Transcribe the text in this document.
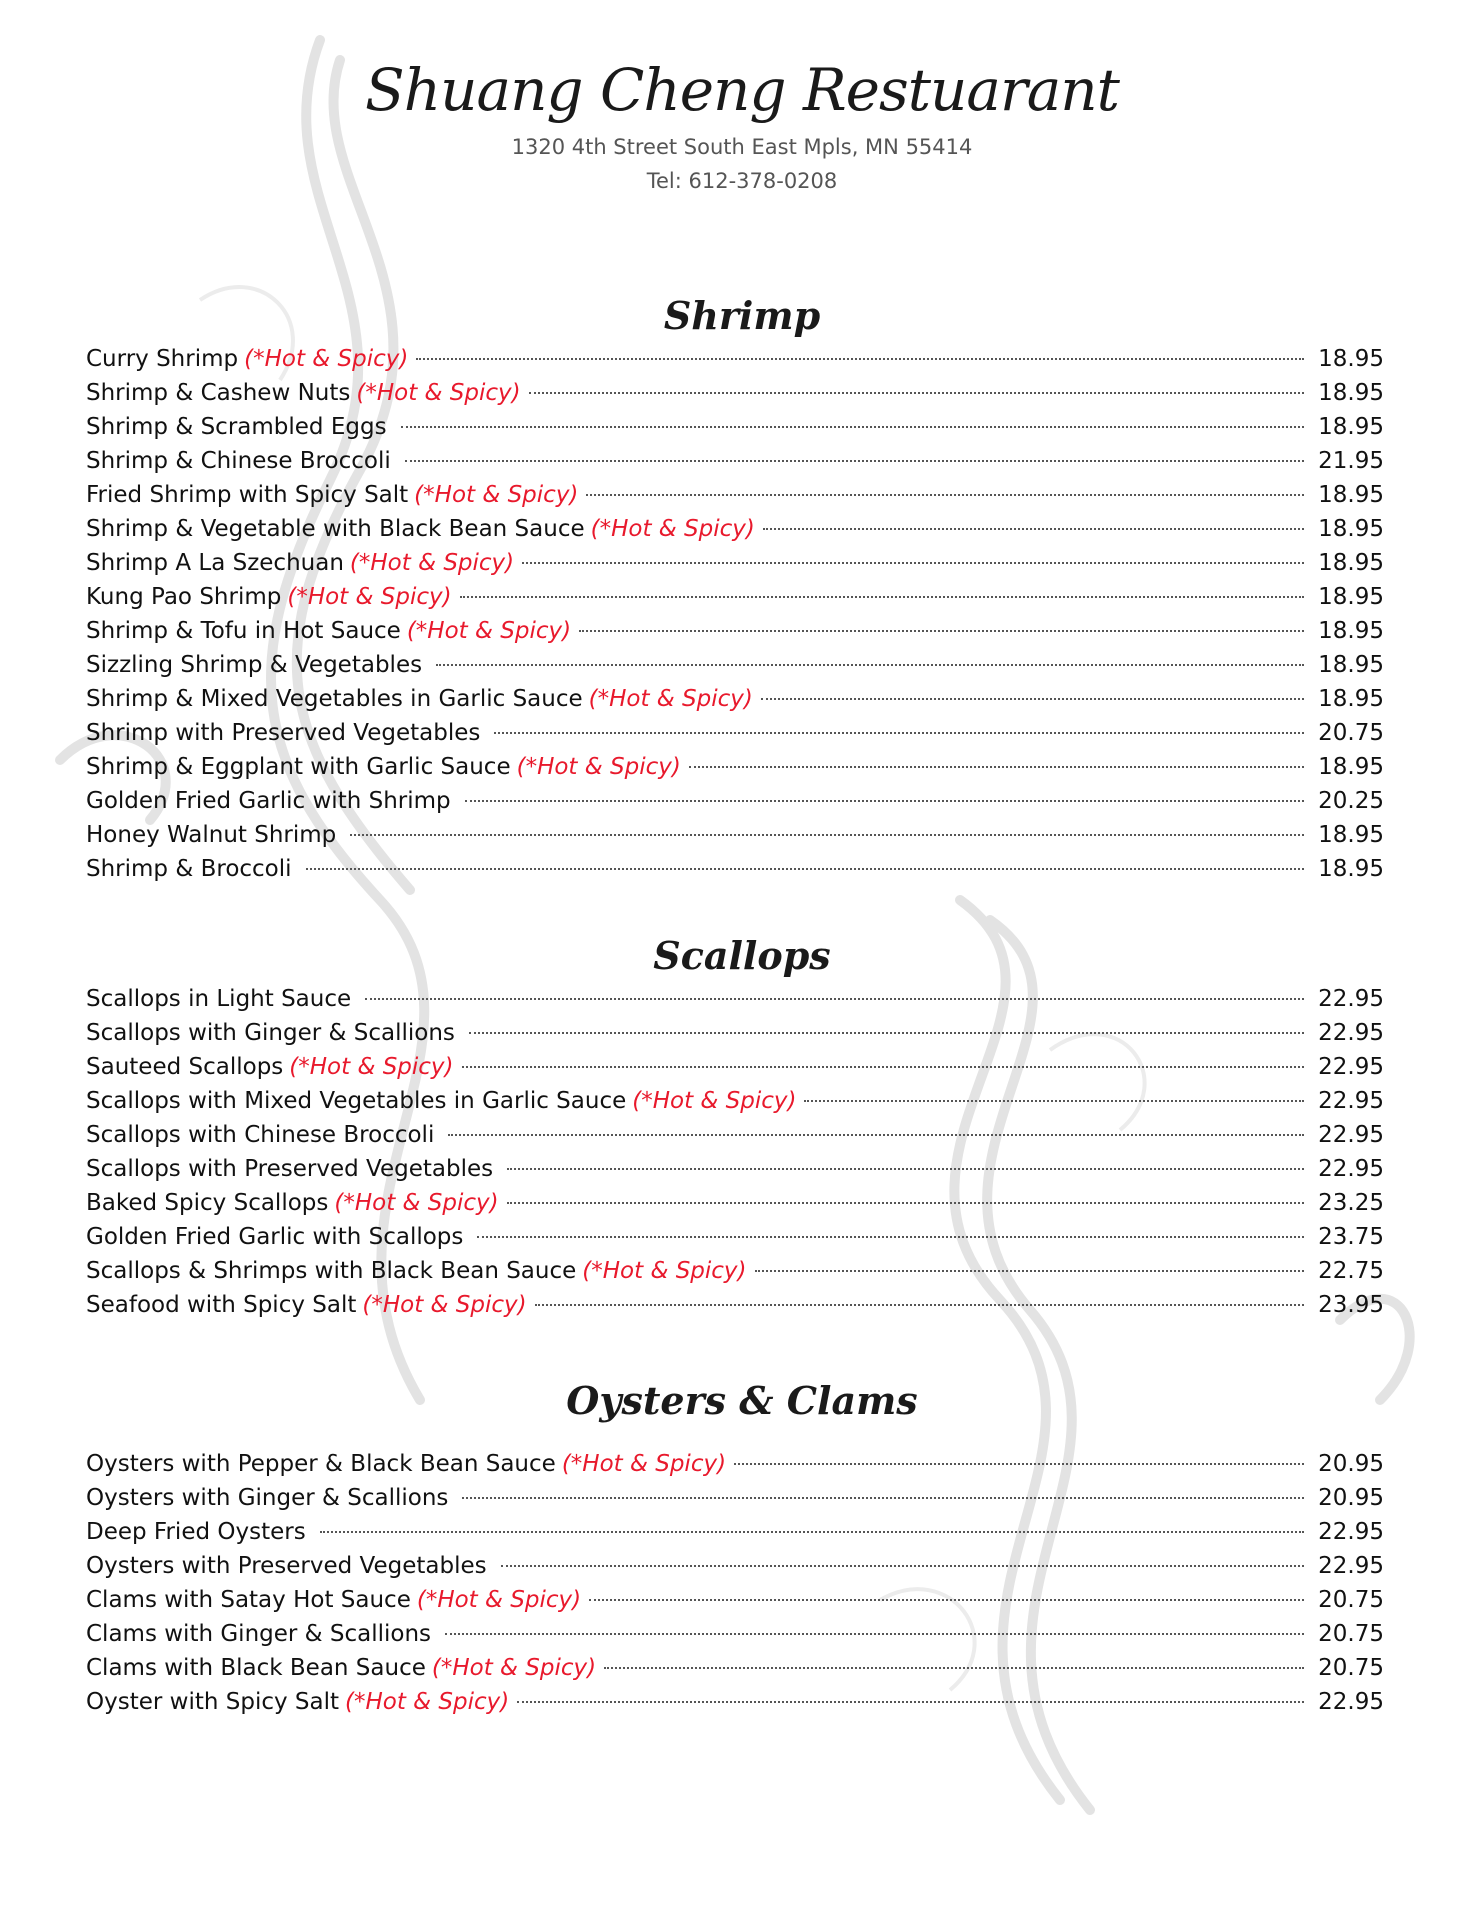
Shuang Cheng Restuarant
1320 4th Street South East Mpls, MN 55414
Tel: 612-378-0208
Shrimp
Curry Shrimp (*Hot & Spicy)	18.95
Shrimp & Cashew Nuts (*Hot & Spicy)	18.95
Shrimp & Scrambled Eggs	18.95
Shrimp & Chinese Broccoli	21.95
Fried Shrimp with Spicy Salt (*Hot & Spicy)	18.95
Shrimp & Vegetable with Black Bean Sauce (*Hot & Spicy)	18.95
Shrimp A La Szechuan (*Hot & Spicy)	18.95
Kung Pao Shrimp (*Hot & Spicy)	18.95
Shrimp & Tofu in Hot Sauce (*Hot & Spicy)	18.95
Sizzling Shrimp & Vegetables	18.95
Shrimp & Mixed Vegetables in Garlic Sauce (*Hot & Spicy)	18.95
Shrimp with Preserved Vegetables	20.75
Shrimp & Eggplant with Garlic Sauce (*Hot & Spicy)	18.95
Golden Fried Garlic with Shrimp	20.25
Honey Walnut Shrimp	18.95
Shrimp & Broccoli	18.95
Scallops
Scallops in Light Sauce	22.95
Scallops with Ginger & Scallions	22.95
Sauteed Scallops (*Hot & Spicy)	22.95
Scallops with Mixed Vegetables in Garlic Sauce (*Hot & Spicy)	22.95
Scallops with Chinese Broccoli	22.95
Scallops with Preserved Vegetables	22.95
Baked Spicy Scallops (*Hot & Spicy)	23.25
Golden Fried Garlic with Scallops	23.75
Scallops & Shrimps with Black Bean Sauce (*Hot & Spicy)	22.75
Seafood with Spicy Salt (*Hot & Spicy)	23.95
Oysters & Clams
Oysters with Pepper & Black Bean Sauce (*Hot & Spicy)	20.95
Oysters with Ginger & Scallions	20.95
Deep Fried Oysters	22.95
Oysters with Preserved Vegetables	22.95
Clams with Satay Hot Sauce (*Hot & Spicy)	20.75
Clams with Ginger & Scallions	20.75
Clams with Black Bean Sauce (*Hot & Spicy)	20.75
Oyster with Spicy Salt (*Hot & Spicy)	22.95
